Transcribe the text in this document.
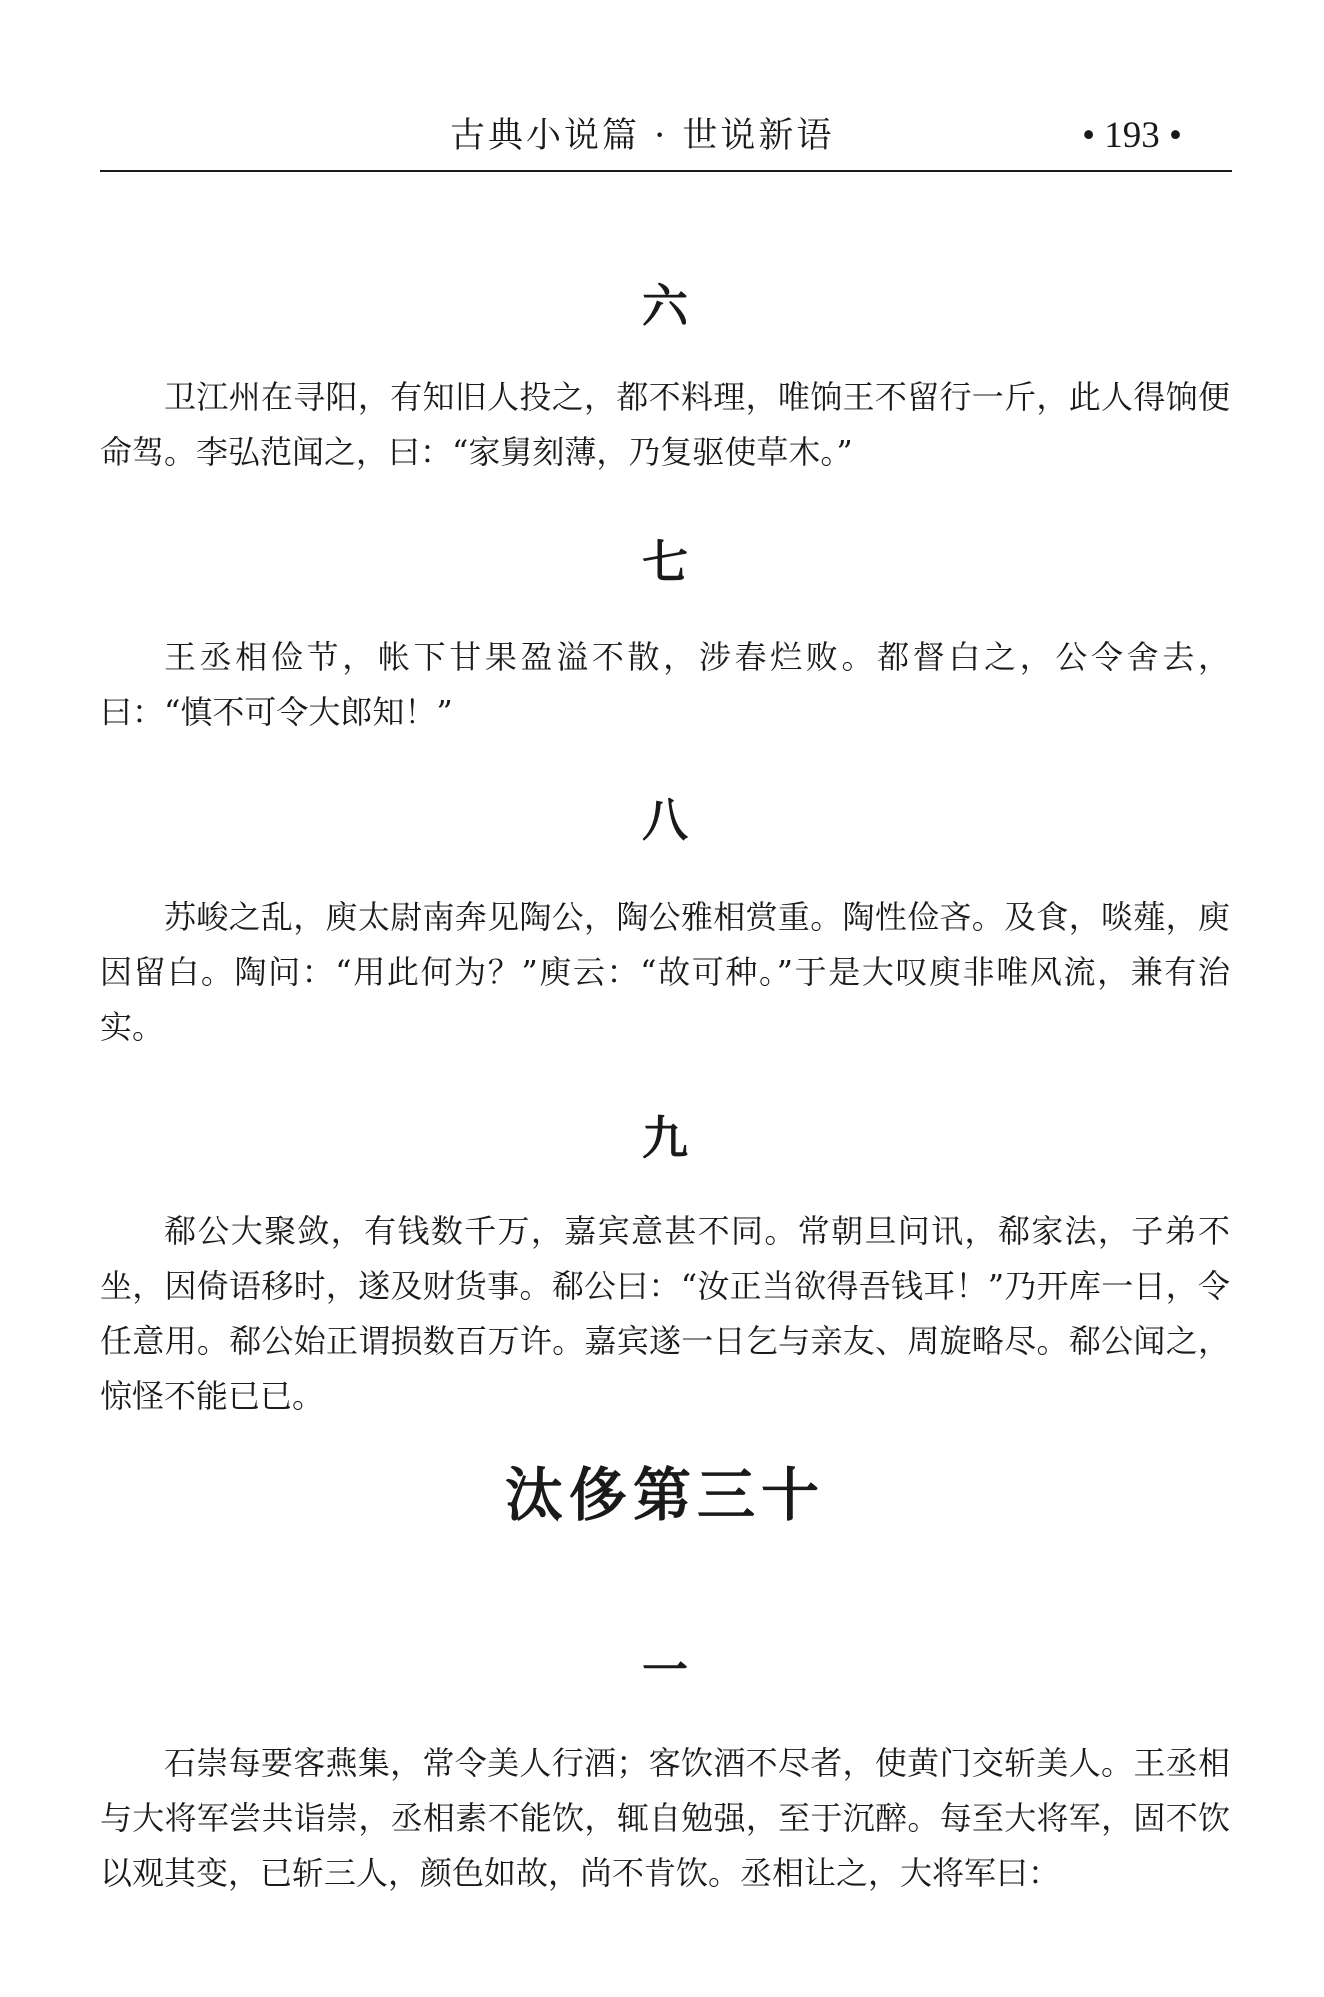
古典小说篇 · 世说新语	• 193 •
六

卫江州在寻阳，有知旧人投之，都不料理，唯饷王不留行一斤，此人得饷便命驾。李弘范闻之，曰：“家舅刻薄，乃复驱使草木。”

七

王丞相俭节，帐下甘果盈溢不散，涉春烂败。都督白之，公令舍去，曰：“慎不可令大郎知！”

八

苏峻之乱，庾太尉南奔见陶公，陶公雅相赏重。陶性俭吝。及食，啖薤，庾因留白。陶问：“用此何为？”庾云：“故可种。”于是大叹庾非唯风流，兼有治实。

九

郗公大聚敛，有钱数千万，嘉宾意甚不同。常朝旦问讯，郗家法，子弟不坐，因倚语移时，遂及财货事。郗公曰：“汝正当欲得吾钱耳！”乃开库一日，令任意用。郗公始正谓损数百万许。嘉宾遂一日乞与亲友、周旋略尽。郗公闻之，惊怪不能已已。

汰侈第三十
一

石崇每要客燕集，常令美人行酒；客饮酒不尽者，使黄门交斩美人。王丞相与大将军尝共诣崇，丞相素不能饮，辄自勉强，至于沉醉。每至大将军，固不饮以观其变，已斩三人，颜色如故，尚不肯饮。丞相让之，大将军曰：
